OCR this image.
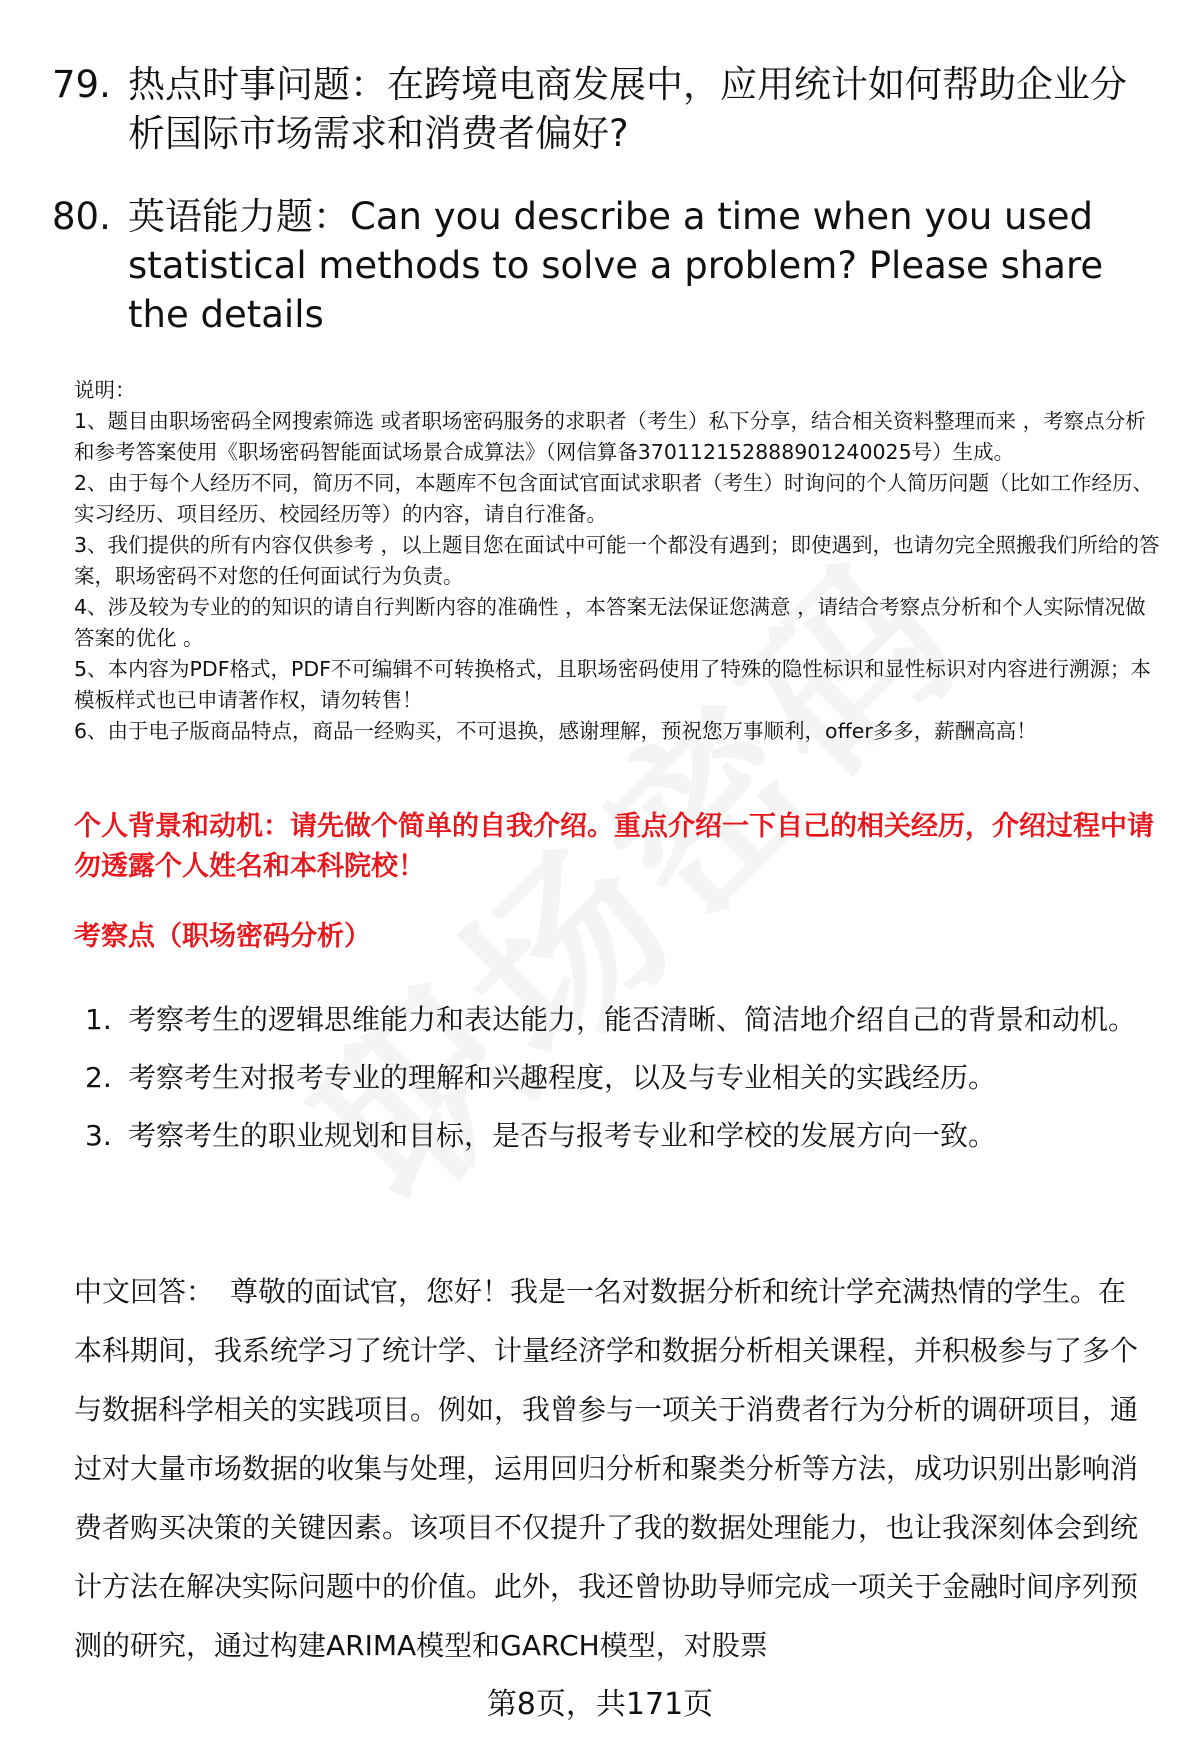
79. 热点时事问题：在跨境电商发展中，应用统计如何帮助企业分析国际市场需求和消费者偏好?
80. 英语能力题：Can you describe a time when you used statistical methods to solve a problem? Please share the details

说明：

1、题目由职场密码全网搜索筛选 或者职场密码服务的求职者（考生）私下分享，结合相关资料整理而来 ，考察点分析和参考答案使用《职场密码智能面试场景合成算法》（网信算备370112152888901240025号）生成。

2、由于每个人经历不同，简历不同，本题库不包含面试官面试求职者（考生）时询问的个人简历问题（比如工作经历、实习经历、项目经历、校园经历等）的内容，请自行准备。

3、我们提供的所有内容仅供参考 ，以上题目您在面试中可能一个都没有遇到；即使遇到，也请勿完全照搬我们所给的答案，职场密码不对您的任何面试行为负责。

4、涉及较为专业的的知识的请自行判断内容的准确性 ，本答案无法保证您满意 ，请结合考察点分析和个人实际情况做答案的优化 。

5、本内容为PDF格式，PDF不可编辑不可转换格式，且职场密码使用了特殊的隐性标识和显性标识对内容进行溯源；本模板样式也已申请著作权，请勿转售！

6、由于电子版商品特点，商品一经购买，不可退换，感谢理解，预祝您万事顺利，offer多多，薪酬高高！

个人背景和动机：请先做个简单的自我介绍。重点介绍一下自己的相关经历，介绍过程中请勿透露个人姓名和本科院校！
考察点（职场密码分析）
1. 考察考生的逻辑思维能力和表达能力，能否清晰、简洁地介绍自己的背景和动机。
2. 考察考生对报考专业的理解和兴趣程度，以及与专业相关的实践经历。
3. 考察考生的职业规划和目标，是否与报考专业和学校的发展方向一致。

中文回答： 尊敬的面试官，您好！我是一名对数据分析和统计学充满热情的学生。在本科期间，我系统学习了统计学、计量经济学和数据分析相关课程，并积极参与了多个与数据科学相关的实践项目。例如，我曾参与一项关于消费者行为分析的调研项目，通过对大量市场数据的收集与处理，运用回归分析和聚类分析等方法，成功识别出影响消费者购买决策的关键因素。该项目不仅提升了我的数据处理能力，也让我深刻体会到统计方法在解决实际问题中的价值。此外，我还曾协助导师完成一项关于金融时间序列预测的研究，通过构建ARIMA模型和GARCH模型，对股票

第8页，共171页
